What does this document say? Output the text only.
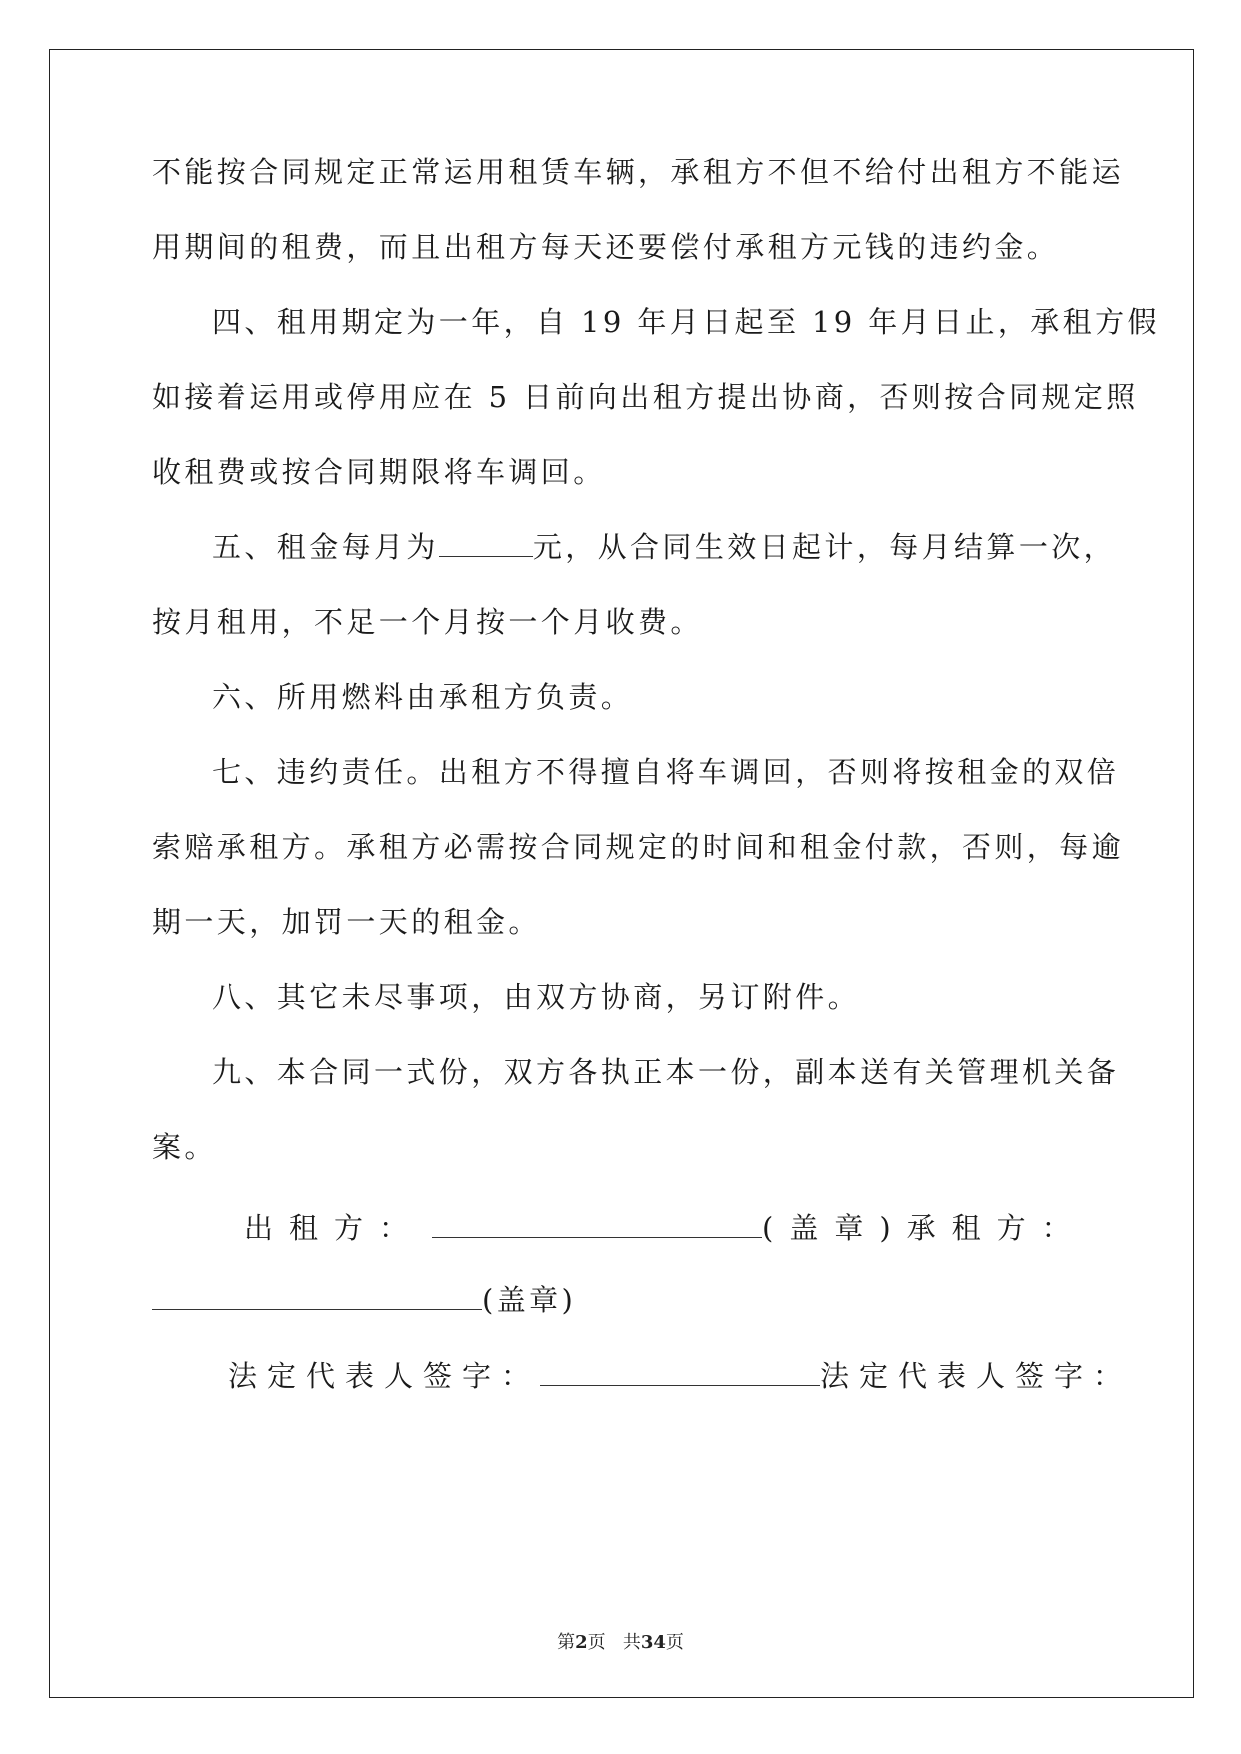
不能按合同规定正常运用租赁车辆，承租方不但不给付出租方不能运
用期间的租费，而且出租方每天还要偿付承租方元钱的违约金。
四、租用期定为一年，自 19 年月日起至 19 年月日止，承租方假
如接着运用或停用应在 5 日前向出租方提出协商，否则按合同规定照
收租费或按合同期限将车调回。
五、租金每月为	元，从合同生效日起计，每月结算一次，
按月租用，不足一个月按一个月收费。
六、所用燃料由承租方负责。
七、违约责任。出租方不得擅自将车调回，否则将按租金的双倍
索赔承租方。承租方必需按合同规定的时间和租金付款，否则，每逾
期一天，加罚一天的租金。
八、其它未尽事项，由双方协商，另订附件。
九、本合同一式份，双方各执正本一份，副本送有关管理机关备
案。
出租方：	(盖章)承租方：
(盖章)
法定代表人签字：	法定代表人签字：
第2页 共34页
